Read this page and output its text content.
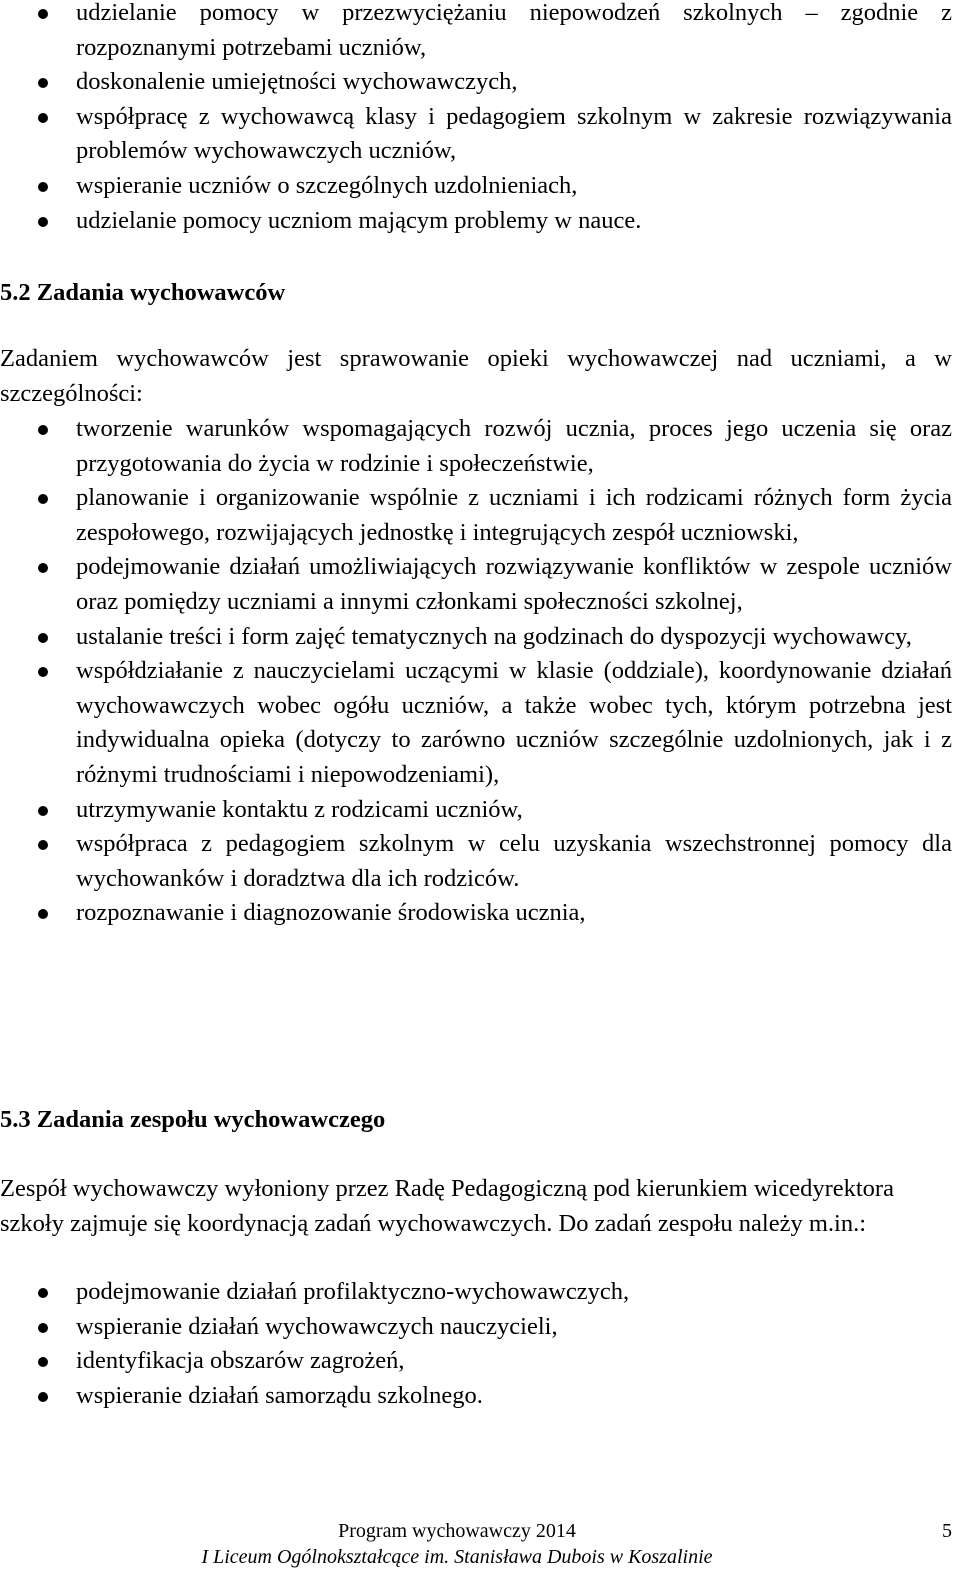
udzielanie pomocy w przezwyciężaniu niepowodzeń szkolnych – zgodnie z rozpoznanymi potrzebami uczniów,
doskonalenie umiejętności wychowawczych,
współpracę z wychowawcą klasy i pedagogiem szkolnym w zakresie rozwiązywania problemów wychowawczych uczniów,
wspieranie uczniów o szczególnych uzdolnieniach,
udzielanie pomocy uczniom mającym problemy w nauce.
5.2 Zadania wychowawców

Zadaniem wychowawców jest sprawowanie opieki wychowawczej nad uczniami, a w szczególności:

tworzenie warunków wspomagających rozwój ucznia, proces jego uczenia się oraz przygotowania do życia w rodzinie i społeczeństwie,
planowanie i organizowanie wspólnie z uczniami i ich rodzicami różnych form życia zespołowego, rozwijających jednostkę i integrujących zespół uczniowski,
podejmowanie działań umożliwiających rozwiązywanie konfliktów w zespole uczniów oraz pomiędzy uczniami a innymi członkami społeczności szkolnej,
ustalanie treści i form zajęć tematycznych na godzinach do dyspozycji wychowawcy,
współdziałanie z nauczycielami uczącymi w klasie (oddziale), koordynowanie działań wychowawczych wobec ogółu uczniów, a także wobec tych, którym potrzebna jest indywidualna opieka (dotyczy to zarówno uczniów szczególnie uzdolnionych, jak i z różnymi trudnościami i niepowodzeniami),
utrzymywanie kontaktu z rodzicami uczniów,
współpraca z pedagogiem szkolnym w celu uzyskania wszechstronnej pomocy dla wychowanków i doradztwa dla ich rodziców.
rozpoznawanie i diagnozowanie środowiska ucznia,
5.3 Zadania zespołu wychowawczego

Zespół wychowawczy wyłoniony przez Radę Pedagogiczną pod kierunkiem wicedyrektora szkoły zajmuje się koordynacją zadań wychowawczych. Do zadań zespołu należy m.in.:

podejmowanie działań profilaktyczno-wychowawczych,
wspieranie działań wychowawczych nauczycieli,
identyfikacja obszarów zagrożeń,
wspieranie działań samorządu szkolnego.
Program wychowawczy 2014
I Liceum Ogólnokształcące im. Stanisława Dubois w Koszalinie
5
